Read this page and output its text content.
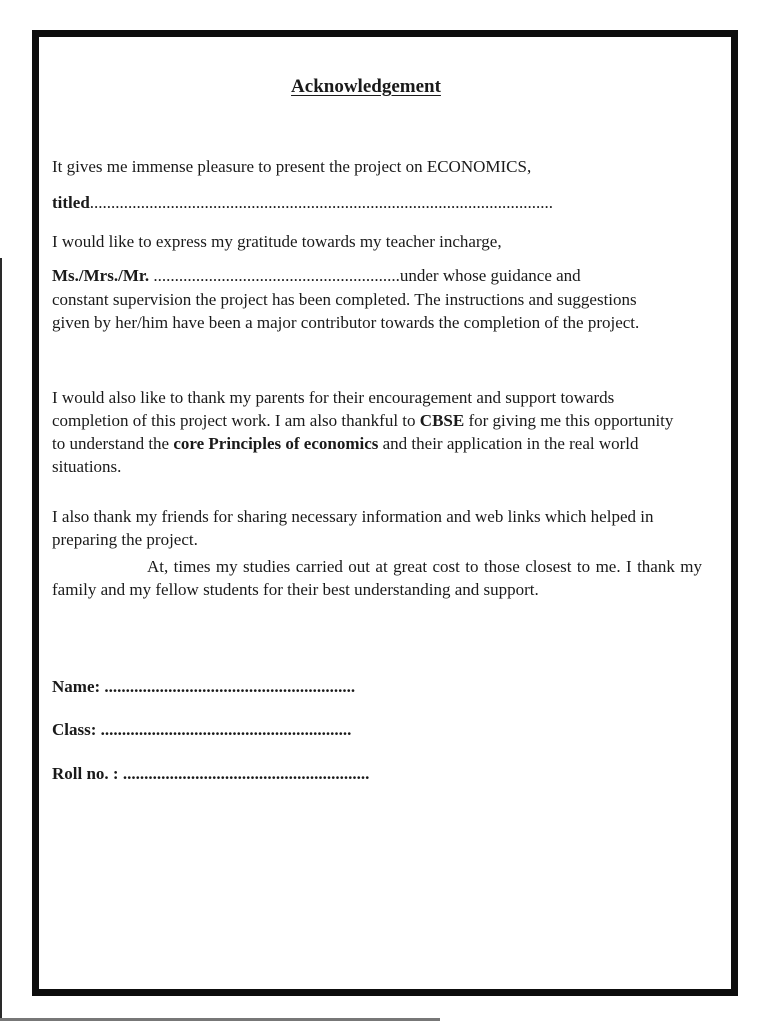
Acknowledgement

It gives me immense pleasure to present the project on ECONOMICS,

titled.............................................................................................................

I would like to express my gratitude towards my teacher incharge,

Ms./Mrs./Mr. ..........................................................under whose guidance and

constant supervision the project has been completed. The instructions and suggestions given by her/him have been a major contributor towards the completion of the project.

I would also like to thank my parents for their encouragement and support towards completion of this project work. I am also thankful to CBSE for giving me this opportunity to understand the core Principles of economics and their application in the real world situations.

I also thank my friends for sharing necessary information and web links which helped in preparing the project.

At, times my studies carried out at great cost to those closest to me. I thank my family and my fellow students for their best understanding and support.

Name: ...........................................................

Class: ...........................................................

Roll no. : ..........................................................
